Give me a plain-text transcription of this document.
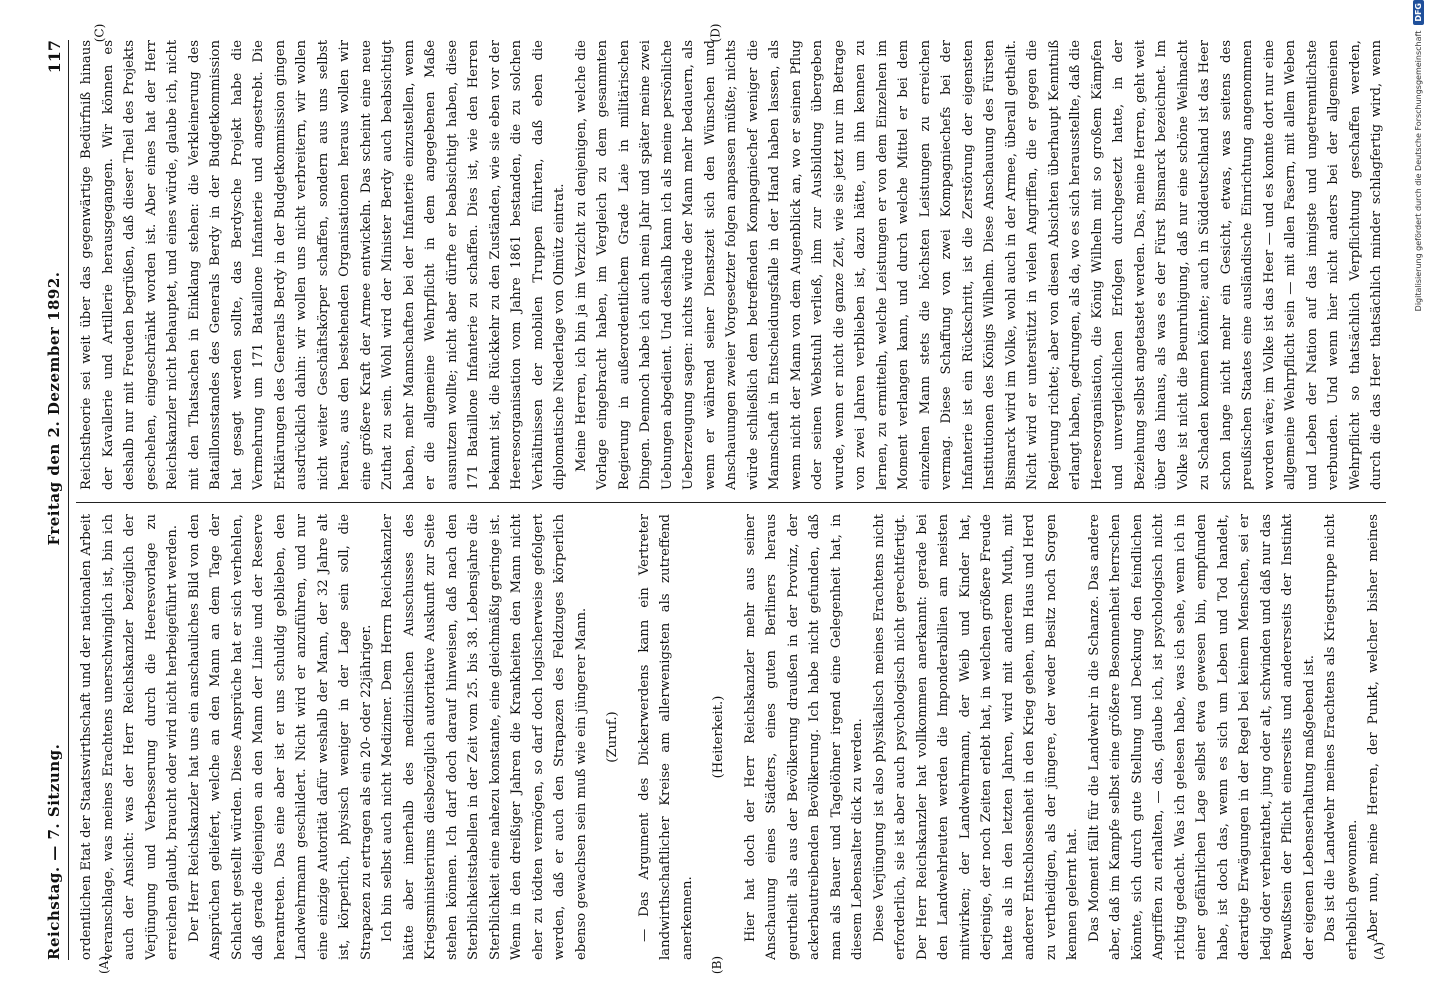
Reichstag. — 7. Sitzung.
Freitag den 2. Dezember 1892.
117

ordentlichen Etat der Staatswirthschaft und der nationalen Arbeit veranschlage, was meines Erachtens unerschwinglich ist, bin ich auch der Ansicht: was der Herr Reichskanzler bezüglich der Verjüngung und Verbesserung durch die Heeresvorlage zu erreichen glaubt, braucht oder wird nicht herbeigeführt werden. Der Herr Reichskanzler hat uns ein anschauliches Bild von den Ansprüchen geliefert, welche an den Mann an dem Tage der Schlacht gestellt würden. Diese Ansprüche hat er sich verhehlen, daß gerade diejenigen an den Mann der Linie und der Reserve herantreten. Das eine aber ist er uns schuldig geblieben, den Landwehrmann geschildert. Nicht wird er anzuführen, und nur eine einzige Autorität dafür weshalb der Mann, der 32 Jahre alt ist, körperlich, physisch weniger in der Lage sein soll, die Strapazen zu ertragen als ein 20- oder 22jähriger. Ich bin selbst auch nicht Mediziner. Dem Herrn Reichskanzler hätte aber innerhalb des medizinischen Ausschusses des Kriegsministeriums diesbezüglich autoritative Auskunft zur Seite stehen können. Ich darf doch darauf hinweisen, daß nach den Sterblichkeitstabellen in der Zeit vom 25. bis 38. Lebensjahre die Sterblichkeit eine nahezu konstante, eine gleichmäßig geringe ist. Wenn in den dreißiger Jahren die Krankheiten den Mann nicht eher zu tödten vermögen, so darf doch logischerweise gefolgert werden, daß er auch den Strapazen des Feldzuges körperlich ebenso gewachsen sein muß wie ein jüngerer Mann. (Zuruf.) — Das Argument des Dickerwerdens kann ein Vertreter landwirthschaftlicher Kreise am allerwenigsten als zutreffend anerkennen.

(Heiterkeit.) Hier hat doch der Herr Reichskanzler mehr aus seiner Anschauung eines Städters, eines guten Berliners heraus geurtheilt als aus der Bevölkerung draußen in der Provinz, der ackerbautreibenden Bevölkerung. Ich habe nicht gefunden, daß man als Bauer und Tagelöhner irgend eine Gelegenheit hat, in diesem Lebensalter dick zu werden. Diese Verjüngung ist also physikalisch meines Erachtens nicht erforderlich, sie ist aber auch psychologisch nicht gerechtfertigt. Der Herr Reichskanzler hat vollkommen anerkannt: gerade bei den Landwehrleuten werden die Imponderabilien am meisten mitwirken; der Landwehrmann, der Weib und Kinder hat, derjenige, der noch Zeiten erlebt hat, in welchen größere Freude hatte als in den letzten Jahren, wird mit anderem Muth, mit anderer Entschlossenheit in den Krieg gehen, um Haus und Herd zu vertheidigen, als der jüngere, der weder Besitz noch Sorgen kennen gelernt hat. Das Moment fällt für die Landwehr in die Schanze. Das andere aber, daß im Kampfe selbst eine größere Besonnenheit herrschen könnte, sich durch gute Stellung und Deckung den feindlichen Angriffen zu erhalten, — das, glaube ich, ist psychologisch nicht richtig gedacht. Was ich gelesen habe, was ich sehe, wenn ich in einer gefährlichen Lage selbst etwa gewesen bin, empfunden habe, ist doch das, wenn es sich um Leben und Tod handelt, derartige Erwägungen in der Regel bei keinem Menschen, sei er ledig oder verheirathet, jung oder alt, schwinden und daß nur das Bewußtsein der Pflicht einerseits und andererseits der Instinkt der eigenen Lebenserhaltung maßgebend ist. Das ist die Landwehr meines Erachtens als Kriegstruppe nicht erheblich gewonnen. Aber nun, meine Herren, der Punkt, welcher bisher meines

Reichstheorie sei weit über das gegenwärtige Bedürfniß hinaus der Kavallerie und Artillerie herausgegangen. Wir können es deshalb nur mit Freuden begrüßen, daß dieser Theil des Projekts geschehen, eingeschränkt worden ist. Aber eines hat der Herr Reichskanzler nicht behauptet, und eines würde, glaube ich, nicht mit den Thatsachen in Einklang stehen: die Verkleinerung des Bataillonsstandes des Generals Berdy in der Budgetkommission hat gesagt werden sollte, das Berdysche Projekt habe die Vermehrung um 171 Bataillone Infanterie und angestrebt. Die Erklärungen des Generals Berdy in der Budgetkommission gingen ausdrücklich dahin: wir wollen uns nicht verbreitern, wir wollen nicht weiter Geschäftskörper schaffen, sondern aus uns selbst heraus, aus den bestehenden Organisationen heraus wollen wir eine größere Kraft der Armee entwickeln. Das scheint eine neue Zuthat zu sein. Wohl wird der Minister Berdy auch beabsichtigt haben, mehr Mannschaften bei der Infanterie einzustellen, wenn er die allgemeine Wehrpflicht in dem angegebenen Maße ausnutzen wollte; nicht aber dürfte er beabsichtigt haben, diese 171 Bataillone Infanterie zu schaffen. Dies ist, wie den Herren bekannt ist, die Rückkehr zu den Zuständen, wie sie eben vor der Heeresorganisation vom Jahre 1861 bestanden, die zu solchen Verhältnissen der mobilen Truppen führten, daß eben die diplomatische Niederlage von Olmütz eintrat. Meine Herren, ich bin ja im Verzicht zu denjenigen, welche die Vorlage eingebracht haben, im Vergleich zu dem gesammten Regierung in außerordentlichem Grade Laie in militärischen Dingen. Dennoch habe ich auch mein Jahr und später meine zwei Uebungen abgedient. Und deshalb kann ich als meine persönliche Ueberzeugung sagen: nichts würde der Mann mehr bedauern, als wenn er während seiner Dienstzeit sich den Wünschen und Anschauungen zweier Vorgesetzter folgen anpassen müßte; nichts würde schließlich dem betreffenden Kompagniechef weniger die Mannschaft in Entscheidungsfalle in der Hand haben lassen, als wenn nicht der Mann von dem Augenblick an, wo er seinen Pflug oder seinen Webstuhl verließ, ihm zur Ausbildung übergeben wurde, wenn er nicht die ganze Zeit, wie sie jetzt nur im Betrage von zwei Jahren verblieben ist, dazu hätte, um ihn kennen zu lernen, zu ermitteln, welche Leistungen er von dem Einzelnen im Moment verlangen kann, und durch welche Mittel er bei dem einzelnen Mann stets die höchsten Leistungen zu erreichen vermag. Diese Schaffung von zwei Kompagniechefs bei der Infanterie ist ein Rückschritt, ist die Zerstörung der eigensten Institutionen des Königs Wilhelm. Diese Anschauung des Fürsten Bismarck wird im Volke, wohl auch in der Armee, überall getheilt. Nicht wird er unterstützt in vielen Angriffen, die er gegen die Regierung richtet; aber von diesen Absichten überhaupt Kenntniß erlangt haben, gedrungen, als da, wo es sich herausstellte, daß die Heeresorganisation, die König Wilhelm mit so großem Kämpfen und unvergleichlichen Erfolgen durchgesetzt hatte, in der Beziehung selbst angetastet werden. Das, meine Herren, geht weit über das hinaus, als was es der Fürst Bismarck bezeichnet. Im Volke ist nicht die Beunruhigung, daß nur eine schöne Weihnacht zu Schaden kommen könnte; auch in Süddeutschland ist das Heer schon lange nicht mehr ein Gesicht, etwas, was seitens des preußischen Staates eine ausländische Einrichtung angenommen worden wäre; im Volke ist das Heer — und es konnte dort nur eine allgemeine Wehrpflicht sein — mit allen Fasern, mit allem Weben und Leben der Nation auf das innigste und ungetrenntlichste verbunden. Und wenn hier nicht anders bei der allgemeinen Wehrpflicht so thatsächlich Verpflichtung geschaffen werden, durch die das Heer thatsächlich minder schlagfertig wird, wenn

(A)
(A)	(B)
(C)	(D)	Digitalisierung gefördert durch die Deutsche Forschungsgemeinschaft
DFG
